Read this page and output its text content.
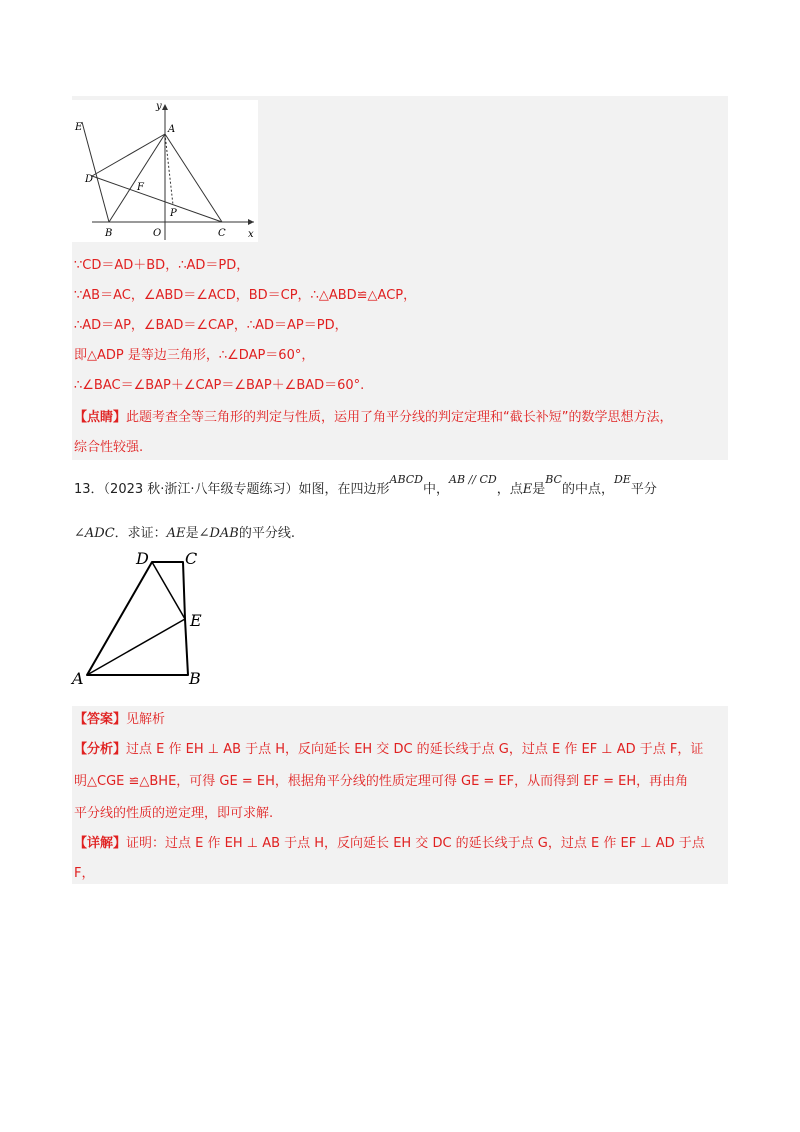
y
x
E	A
D
F
P
B	O	C
∵CD＝AD＋BD，∴AD＝PD，
∵AB＝AC，∠ABD＝∠ACD，BD＝CP，∴△ABD≌△ACP，
∴AD＝AP，∠BAD＝∠CAP，∴AD＝AP＝PD，
即△ADP 是等边三角形，∴∠DAP＝60°，
∴∠BAC＝∠BAP＋∠CAP＝∠BAP＋∠BAD＝60°.
【点睛】此题考查全等三角形的判定与性质，运用了角平分线的判定定理和“截长补短”的数学思想方法，
综合性较强.
13．（2023 秋·浙江·八年级专题练习）如图，在四边形$^{ABCD}$中，$^{AB // CD}$，点E是$^{BC}$的中点，$^{DE}$平分
∠ADC．求证：AE是∠DAB的平分线.
D C
E
A	B
【答案】见解析
【分析】过点 E 作 EH ⊥ AB 于点 H，反向延长 EH 交 DC 的延长线于点 G，过点 E 作 EF ⊥ AD 于点 F，证
明△CGE ≌△BHE，可得 GE = EH，根据角平分线的性质定理可得 GE = EF，从而得到 EF = EH，再由角
平分线的性质的逆定理，即可求解.
【详解】证明：过点 E 作 EH ⊥ AB 于点 H，反向延长 EH 交 DC 的延长线于点 G，过点 E 作 EF ⊥ AD 于点
F，
